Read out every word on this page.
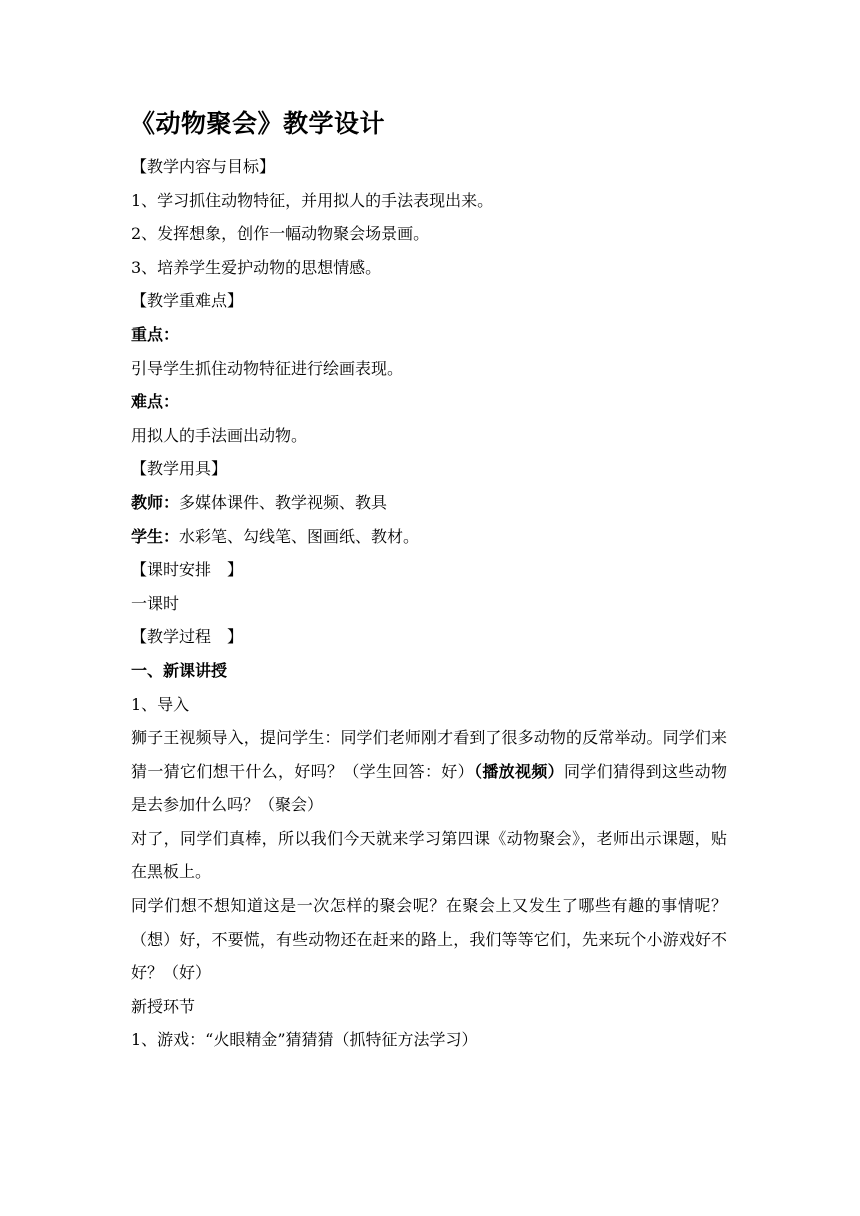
《动物聚会》教学设计
【教学内容与目标】
1、学习抓住动物特征，并用拟人的手法表现出来。
2、发挥想象，创作一幅动物聚会场景画。
3、培养学生爱护动物的思想情感。
【教学重难点】
重点：
引导学生抓住动物特征进行绘画表现。
难点：
用拟人的手法画出动物。
【教学用具】
教师：多媒体课件、教学视频、教具
学生：水彩笔、勾线笔、图画纸、教材。
【课时安排　】
一课时
【教学过程　】
一、新课讲授
1、导入
狮子王视频导入，提问学生：同学们老师刚才看到了很多动物的反常举动。同学们来猜一猜它们想干什么，好吗？（学生回答：好）（播放视频）同学们猜得到这些动物是去参加什么吗？（聚会）
对了，同学们真棒，所以我们今天就来学习第四课《动物聚会》，老师出示课题，贴在黑板上。
同学们想不想知道这是一次怎样的聚会呢？在聚会上又发生了哪些有趣的事情呢？（想）好，不要慌，有些动物还在赶来的路上，我们等等它们，先来玩个小游戏好不好？（好）
新授环节
1、游戏：“火眼精金”猜猜猜（抓特征方法学习）
